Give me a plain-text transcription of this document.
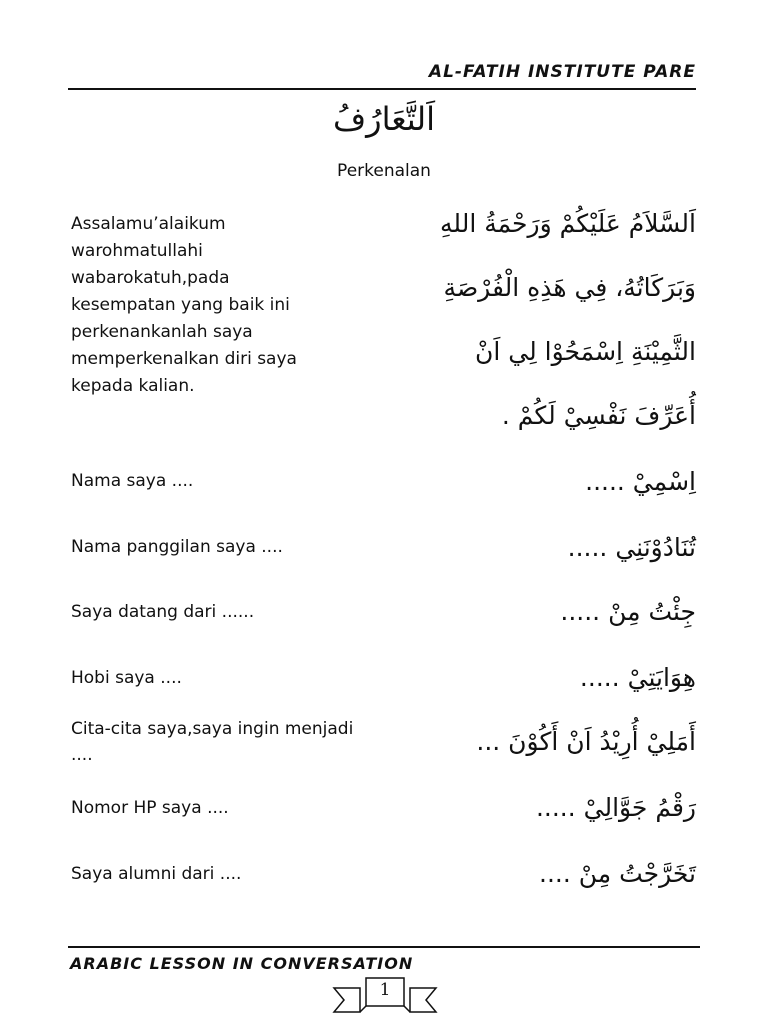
AL-FATIH INSTITUTE PARE
اَلتَّعَارُفُ
Perkenalan
Assalamu’alaikum
warohmatullahi
wabarokatuh,pada
kesempatan yang baik ini
perkenankanlah saya
memperkenalkan diri saya
kepada kalian.
اَلسَّلاَمُ عَلَيْكُمْ وَرَحْمَةُ اللهِ
وَبَرَكَاتُهُ، فِي هَذِهِ الْفُرْصَةِ
الثَّمِيْنَةِ اِسْمَحُوْا لِي اَنْ
أُعَرِّفَ نَفْسِيْ لَكُمْ .
Nama saya ....	اِسْمِيْ .....
Nama panggilan saya ....	تُنَادُوْنَنِي .....
Saya datang dari ......	جِئْتُ مِنْ .....
Hobi saya ....	هِوَايَتِيْ .....
Cita-cita saya,saya ingin menjadi ....	أَمَلِيْ أُرِيْدُ اَنْ أَكُوْنَ ...
Nomor HP saya ....	رَقْمُ جَوَّالِيْ .....
Saya alumni dari ....	تَخَرَّجْتُ مِنْ ....
ARABIC LESSON IN CONVERSATION
1
